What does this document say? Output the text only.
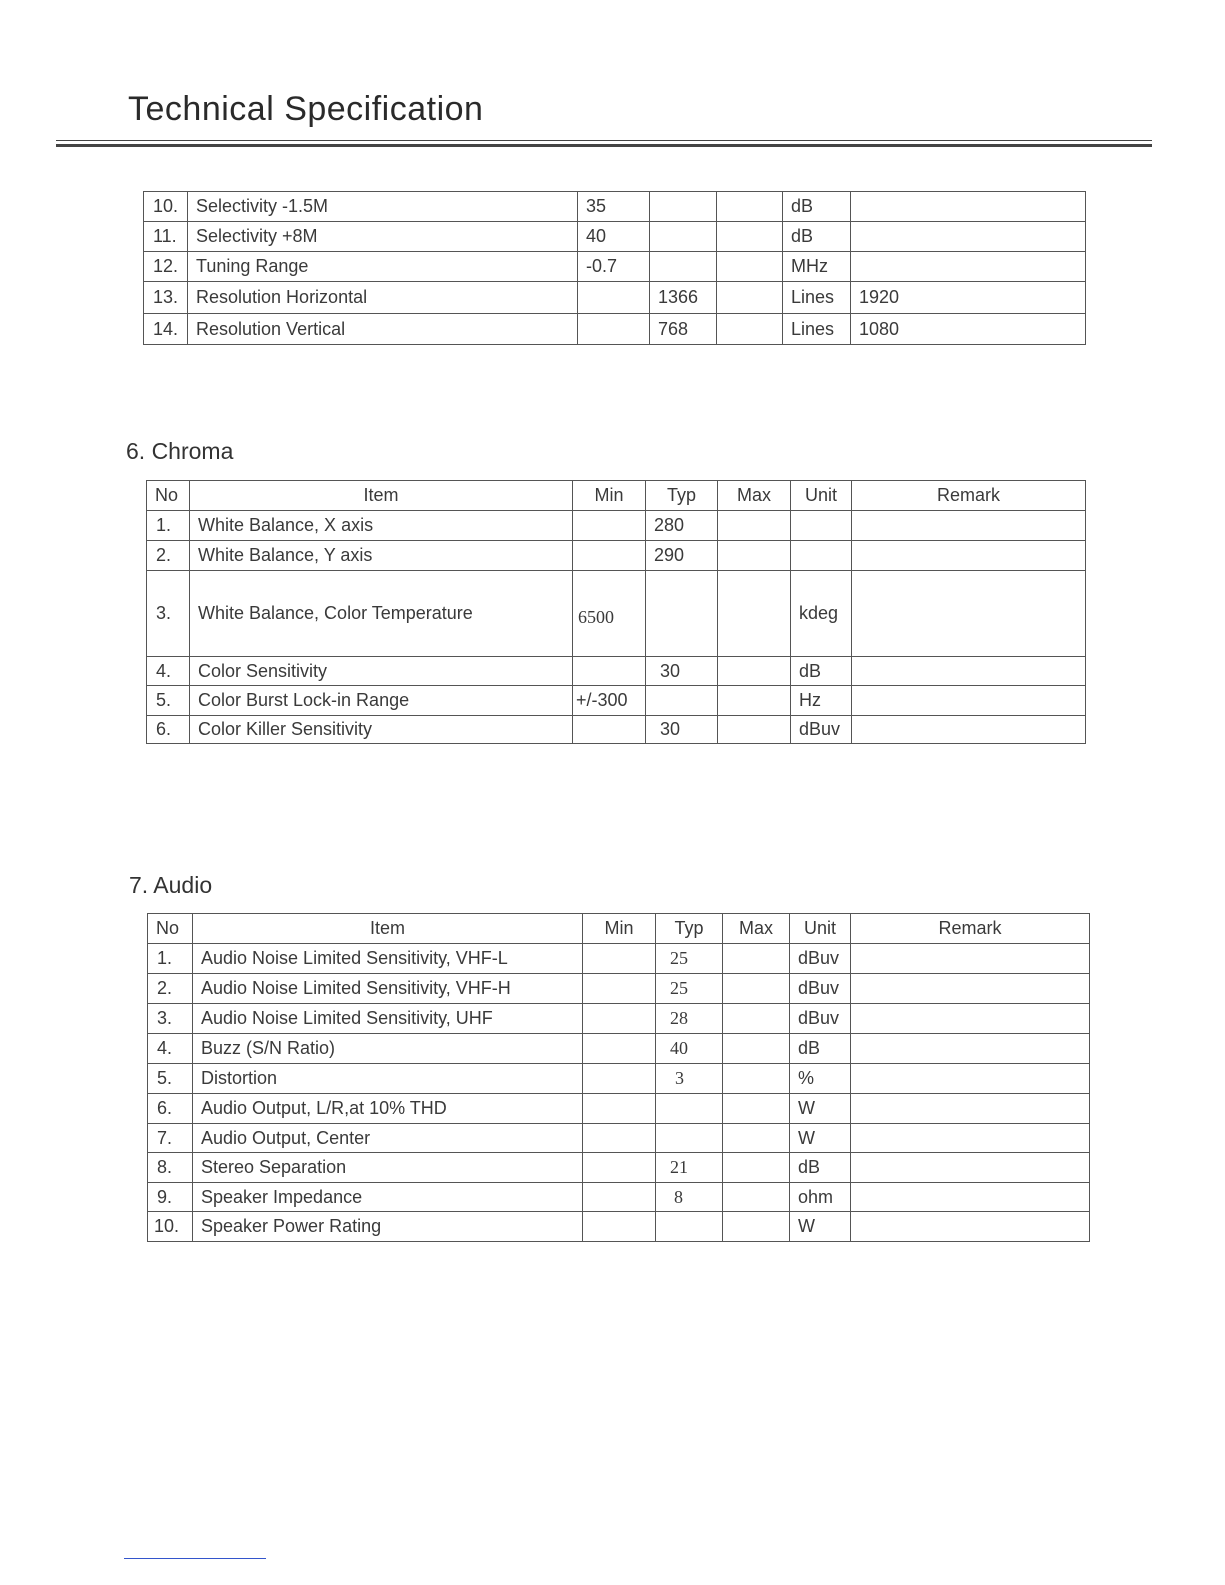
Technical Specification
10.	Selectivity -1.5M	35			dB	
11.	Selectivity +8M	40			dB	
12.	Tuning Range	-0.7			MHz	
13.	Resolution Horizontal		1366		Lines	1920
14.	Resolution Vertical		768		Lines	1080
6. Chroma
No	Item	Min	Typ	Max	Unit	Remark
1.	White Balance, X axis		280			
2.	White Balance, Y axis		290			
3.	White Balance, Color Temperature	6500			kdeg	
4.	Color Sensitivity		30		dB	
5.	Color Burst Lock-in Range	+/-300			Hz	
6.	Color Killer Sensitivity		30		dBuv	
7. Audio
No	Item	Min	Typ	Max	Unit	Remark
1.	Audio Noise Limited Sensitivity, VHF-L		25		dBuv	
2.	Audio Noise Limited Sensitivity, VHF-H		25		dBuv	
3.	Audio Noise Limited Sensitivity, UHF		28		dBuv	
4.	Buzz (S/N Ratio)		40		dB	
5.	Distortion		3		%	
6.	Audio Output, L/R,at 10% THD				W	
7.	Audio Output, Center				W	
8.	Stereo Separation		21		dB	
9.	Speaker Impedance		8		ohm	
10.	Speaker Power Rating				W	
